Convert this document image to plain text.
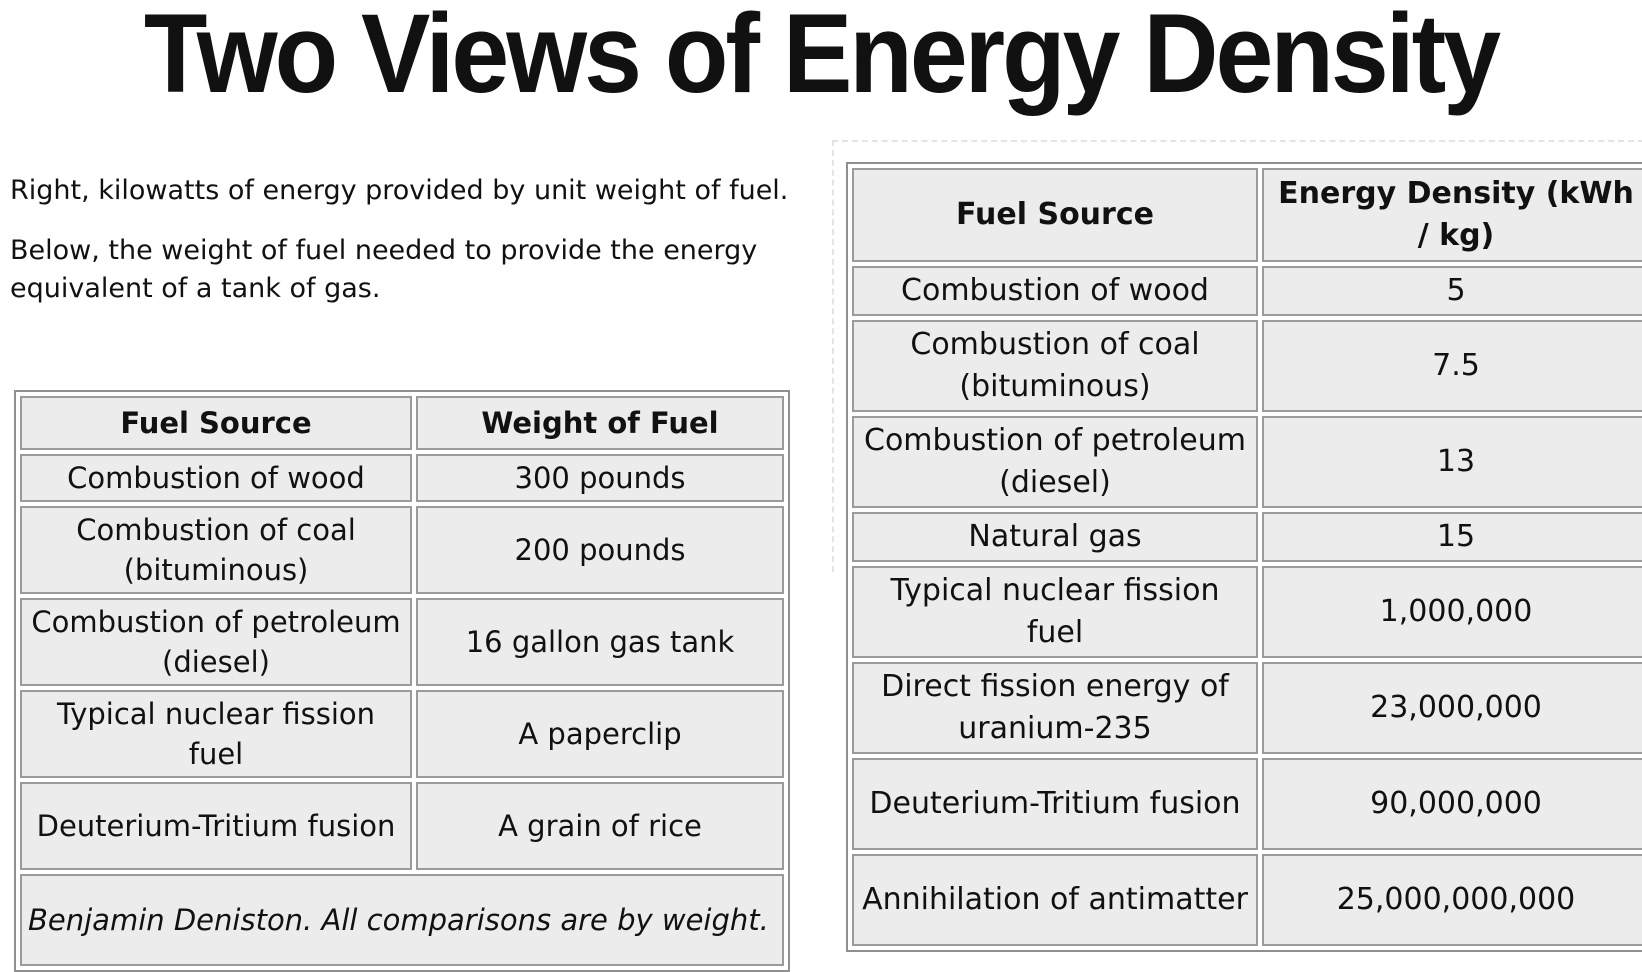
Two Views of Energy Density

Right, kilowatts of energy provided by unit weight of fuel.

Below, the weight of fuel needed to provide the energy equivalent of a tank of gas.

Fuel Source	Weight of Fuel
Combustion of wood	300 pounds
Combustion of coal (bituminous)	200 pounds
Combustion of petroleum (diesel)	16 gallon gas tank
Typical nuclear fission fuel	A paperclip
Deuterium-Tritium fusion	A grain of rice
Benjamin Deniston. All comparisons are by weight.	
Fuel Source	Energy Density (kWh / kg)
Combustion of wood	5
Combustion of coal (bituminous)	7.5
Combustion of petroleum (diesel)	13
Natural gas	15
Typical nuclear fission fuel	1,000,000
Direct fission energy of uranium-235	23,000,000
Deuterium-Tritium fusion	90,000,000
Annihilation of antimatter	25,000,000,000
